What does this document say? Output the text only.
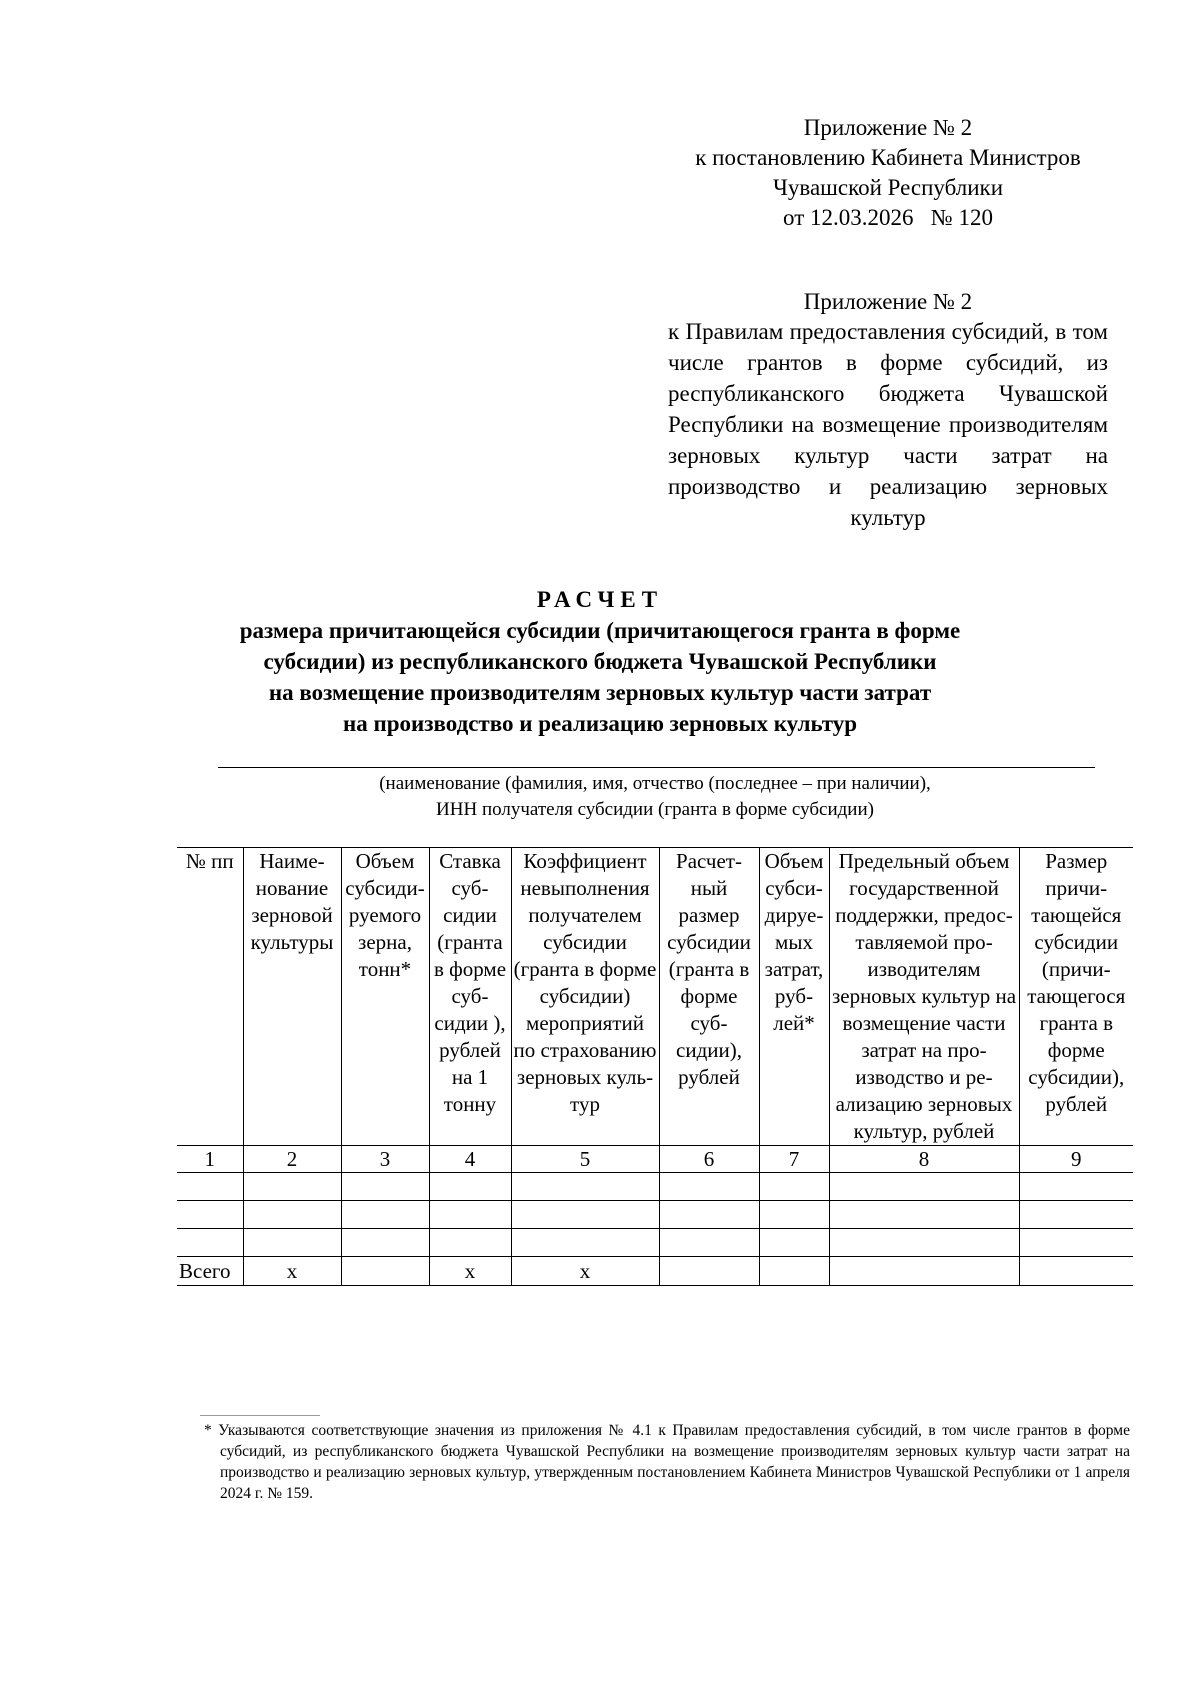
Приложение № 2
к постановлению Кабинета Министров
Чувашской Республики
от 12.03.2026   № 120
Приложение № 2
к Правилам предоставления субсидий, в том числе грантов в форме субсидий, из республиканского бюджета Чувашской Республики на возмещение производителям зерновых культур части затрат на производство и реализацию зерновых культур
РАСЧЕТ
размера причитающейся субсидии (причитающегося гранта в форме
субсидии) из республиканского бюджета Чувашской Республики
на возмещение производителям зерновых культур части затрат
на производство и реализацию зерновых культур
(наименование (фамилия, имя, отчество (последнее – при наличии),
ИНН получателя субсидии (гранта в форме субсидии)
№ пп	Наименование зерновой культуры	Объем субсидируемого зерна, тонн*	Ставка субсидии (гранта в форме субсидии ), рублей на 1 тонну	Коэффициент невыполнения получателем субсидии (гранта в форме субсидии) мероприятий по страхованию зерновых культур	Расчетный размер субсидии (гранта в форме субсидии), рублей	Объем субсидируемых затрат, рублей*	Предельный объем государственной поддержки, предоставляемой производителям зерновых культур на возмещение части затрат на производство и реализацию зерновых культур, рублей	Размер причитающейся субсидии (причитающегося гранта в форме субсидии), рублей
1	2	3	4	5	6	7	8	9

Всего	х		х	х				
* Указываются соответствующие значения из приложения № 4.1 к Правилам предоставления субсидий, в том числе грантов в форме субсидий, из республиканского бюджета Чувашской Республики на возмещение производителям зерновых культур части затрат на производство и реализацию зерновых культур, утвержденным постановлением Кабинета Министров Чувашской Республики от 1 апреля 2024 г. № 159.
